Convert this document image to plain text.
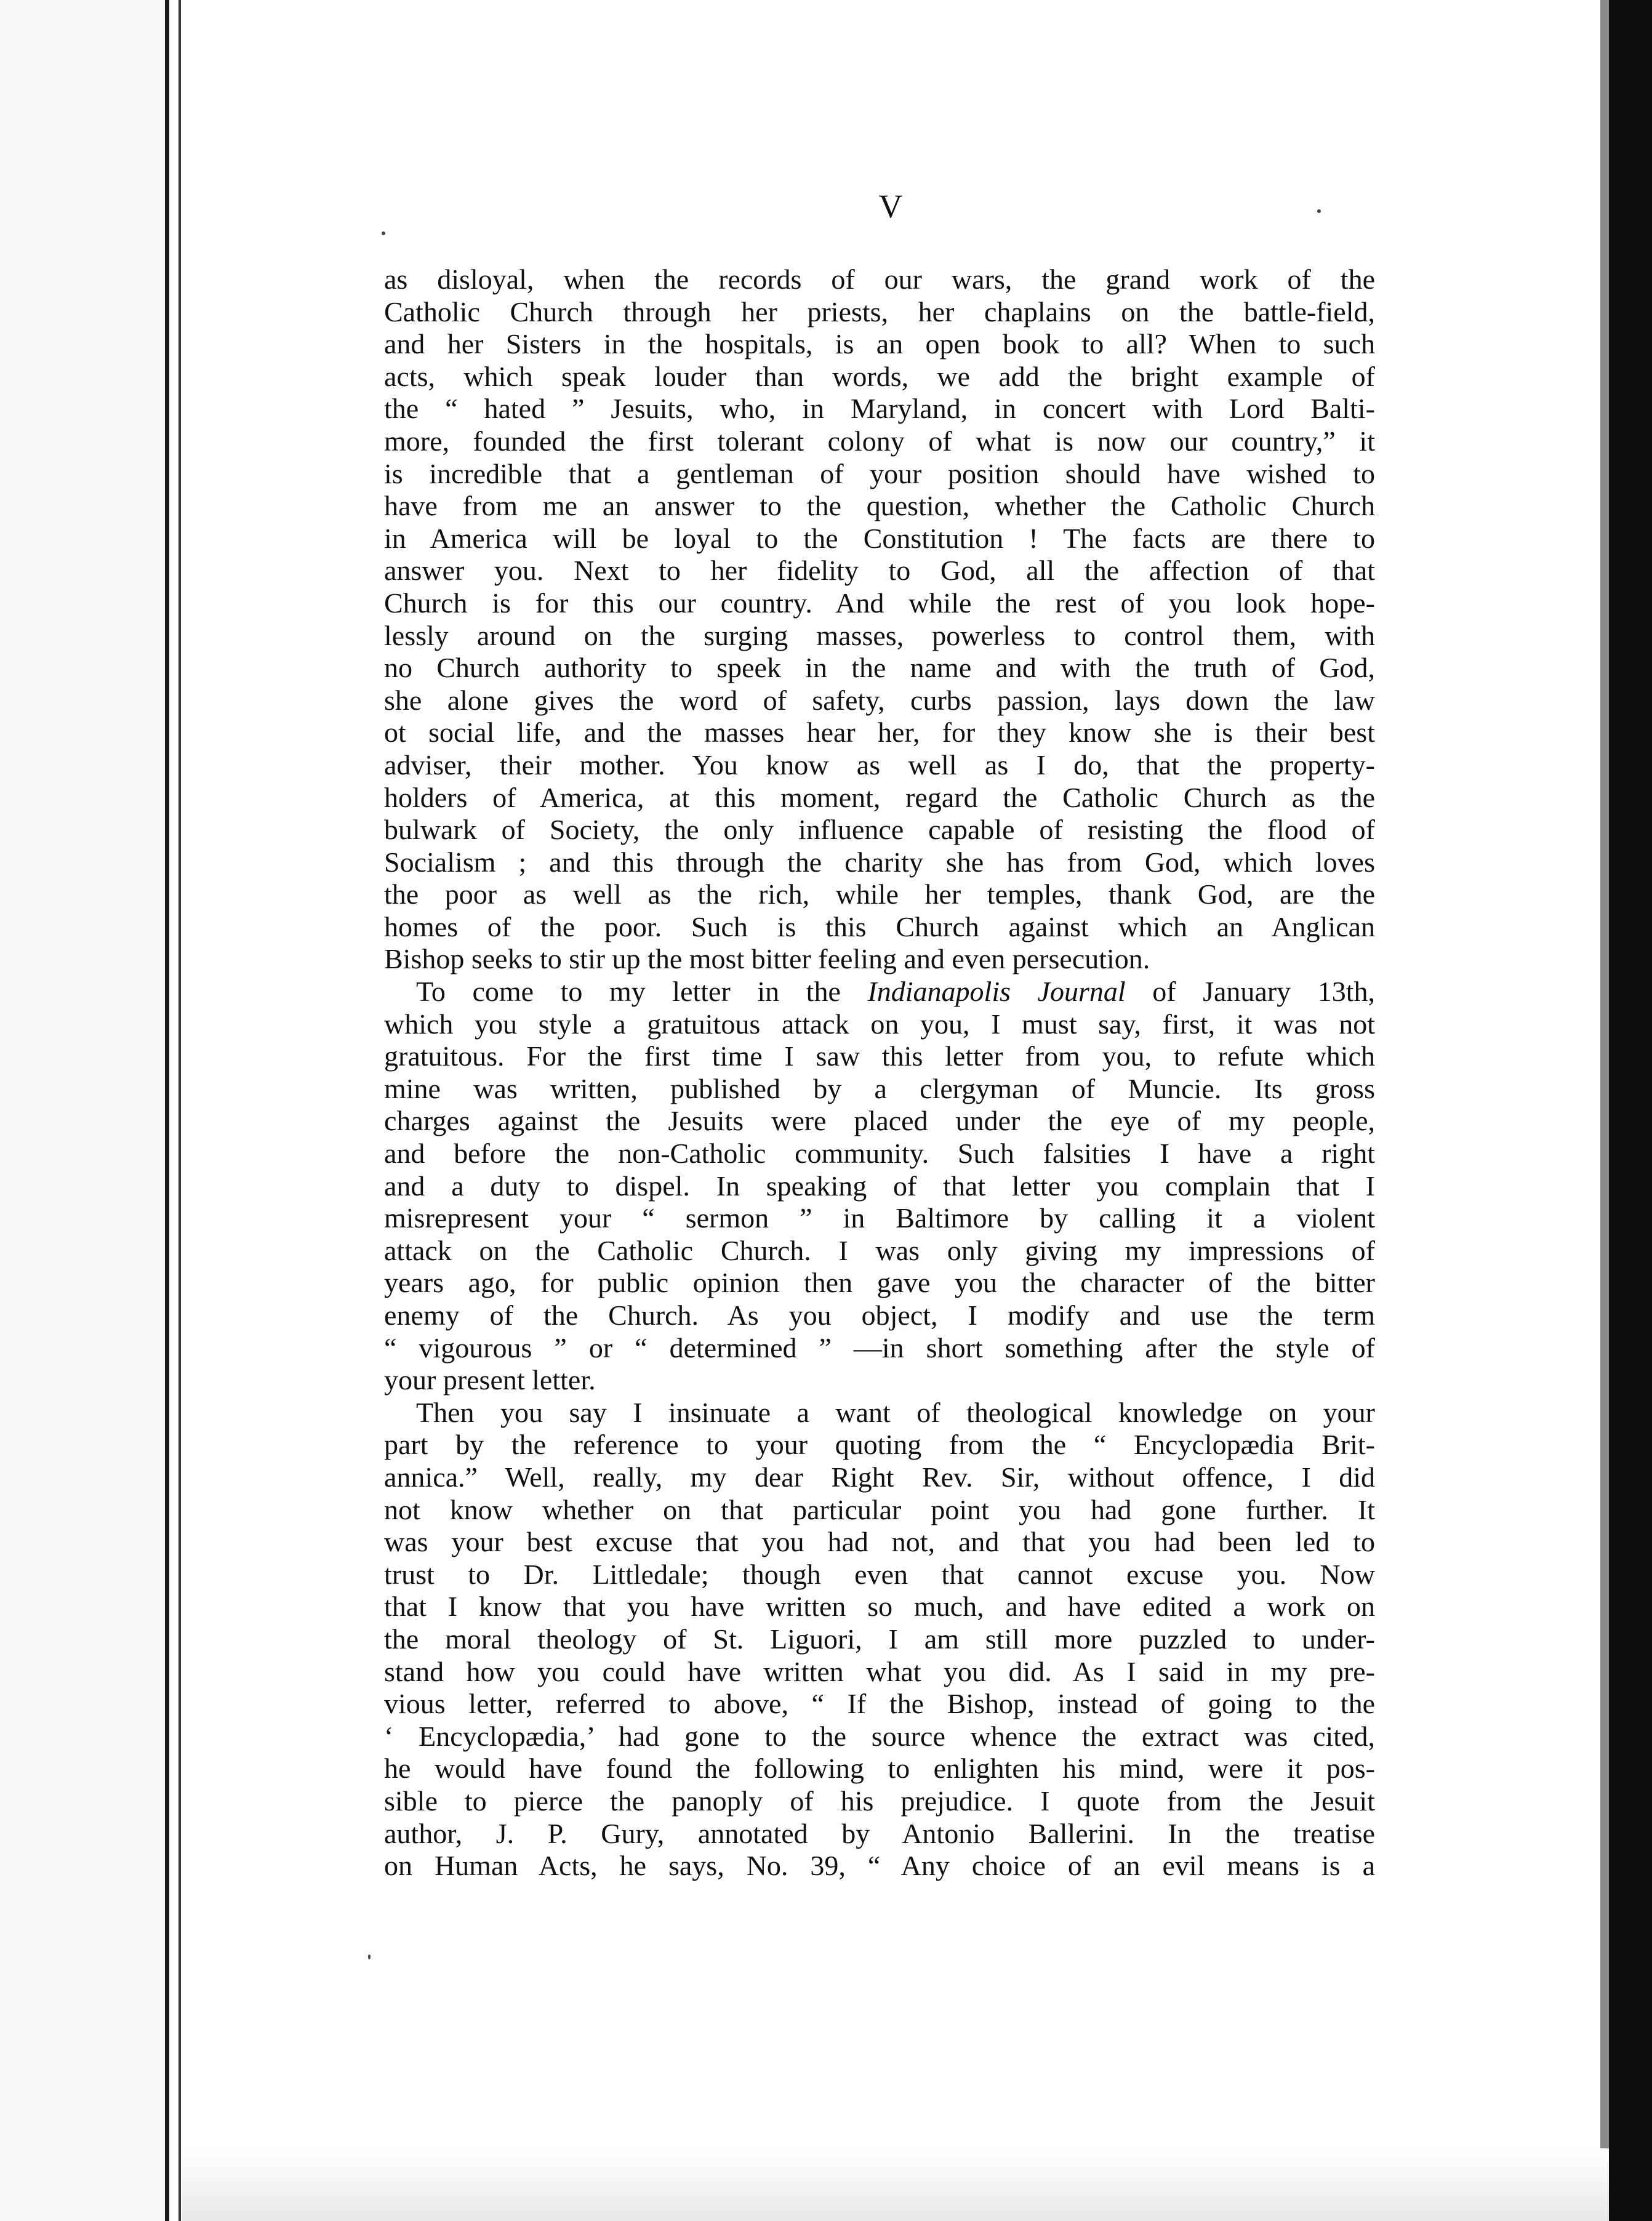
V
as disloyal, when the records of our wars, the grand work of the
Catholic Church through her priests, her chaplains on the battle-field,
and her Sisters in the hospitals, is an open book to all? When to such
acts, which speak louder than words, we add the bright example of
the “ hated ” Jesuits, who, in Maryland, in concert with Lord Balti-
more, founded the first tolerant colony of what is now our country,” it
is incredible that a gentleman of your position should have wished to
have from me an answer to the question, whether the Catholic Church
in America will be loyal to the Constitution ! The facts are there to
answer you. Next to her fidelity to God, all the affection of that
Church is for this our country. And while the rest of you look hope-
lessly around on the surging masses, powerless to control them, with
no Church authority to speek in the name and with the truth of God,
she alone gives the word of safety, curbs passion, lays down the law
ot social life, and the masses hear her, for they know she is their best
adviser, their mother. You know as well as I do, that the property-
holders of America, at this moment, regard the Catholic Church as the
bulwark of Society, the only influence capable of resisting the flood of
Socialism ; and this through the charity she has from God, which loves
the poor as well as the rich, while her temples, thank God, are the
homes of the poor. Such is this Church against which an Anglican
Bishop seeks to stir up the most bitter feeling and even persecution.
To come to my letter in the Indianapolis Journal of January 13th,
which you style a gratuitous attack on you, I must say, first, it was not
gratuitous. For the first time I saw this letter from you, to refute which
mine was written, published by a clergyman of Muncie. Its gross
charges against the Jesuits were placed under the eye of my people,
and before the non-Catholic community. Such falsities I have a right
and a duty to dispel. In speaking of that letter you complain that I
misrepresent your “ sermon ” in Baltimore by calling it a violent
attack on the Catholic Church. I was only giving my impressions of
years ago, for public opinion then gave you the character of the bitter
enemy of the Church. As you object, I modify and use the term
“ vigourous ” or “ determined ” —in short something after the style of
your present letter.
Then you say I insinuate a want of theological knowledge on your
part by the reference to your quoting from the “ Encyclopædia Brit-
annica.” Well, really, my dear Right Rev. Sir, without offence, I did
not know whether on that particular point you had gone further. It
was your best excuse that you had not, and that you had been led to
trust to Dr. Littledale; though even that cannot excuse you. Now
that I know that you have written so much, and have edited a work on
the moral theology of St. Liguori, I am still more puzzled to under-
stand how you could have written what you did. As I said in my pre-
vious letter, referred to above, “ If the Bishop, instead of going to the
‘ Encyclopædia,’ had gone to the source whence the extract was cited,
he would have found the following to enlighten his mind, were it pos-
sible to pierce the panoply of his prejudice. I quote from the Jesuit
author, J. P. Gury, annotated by Antonio Ballerini. In the treatise
on Human Acts, he says, No. 39, “ Any choice of an evil means is a
